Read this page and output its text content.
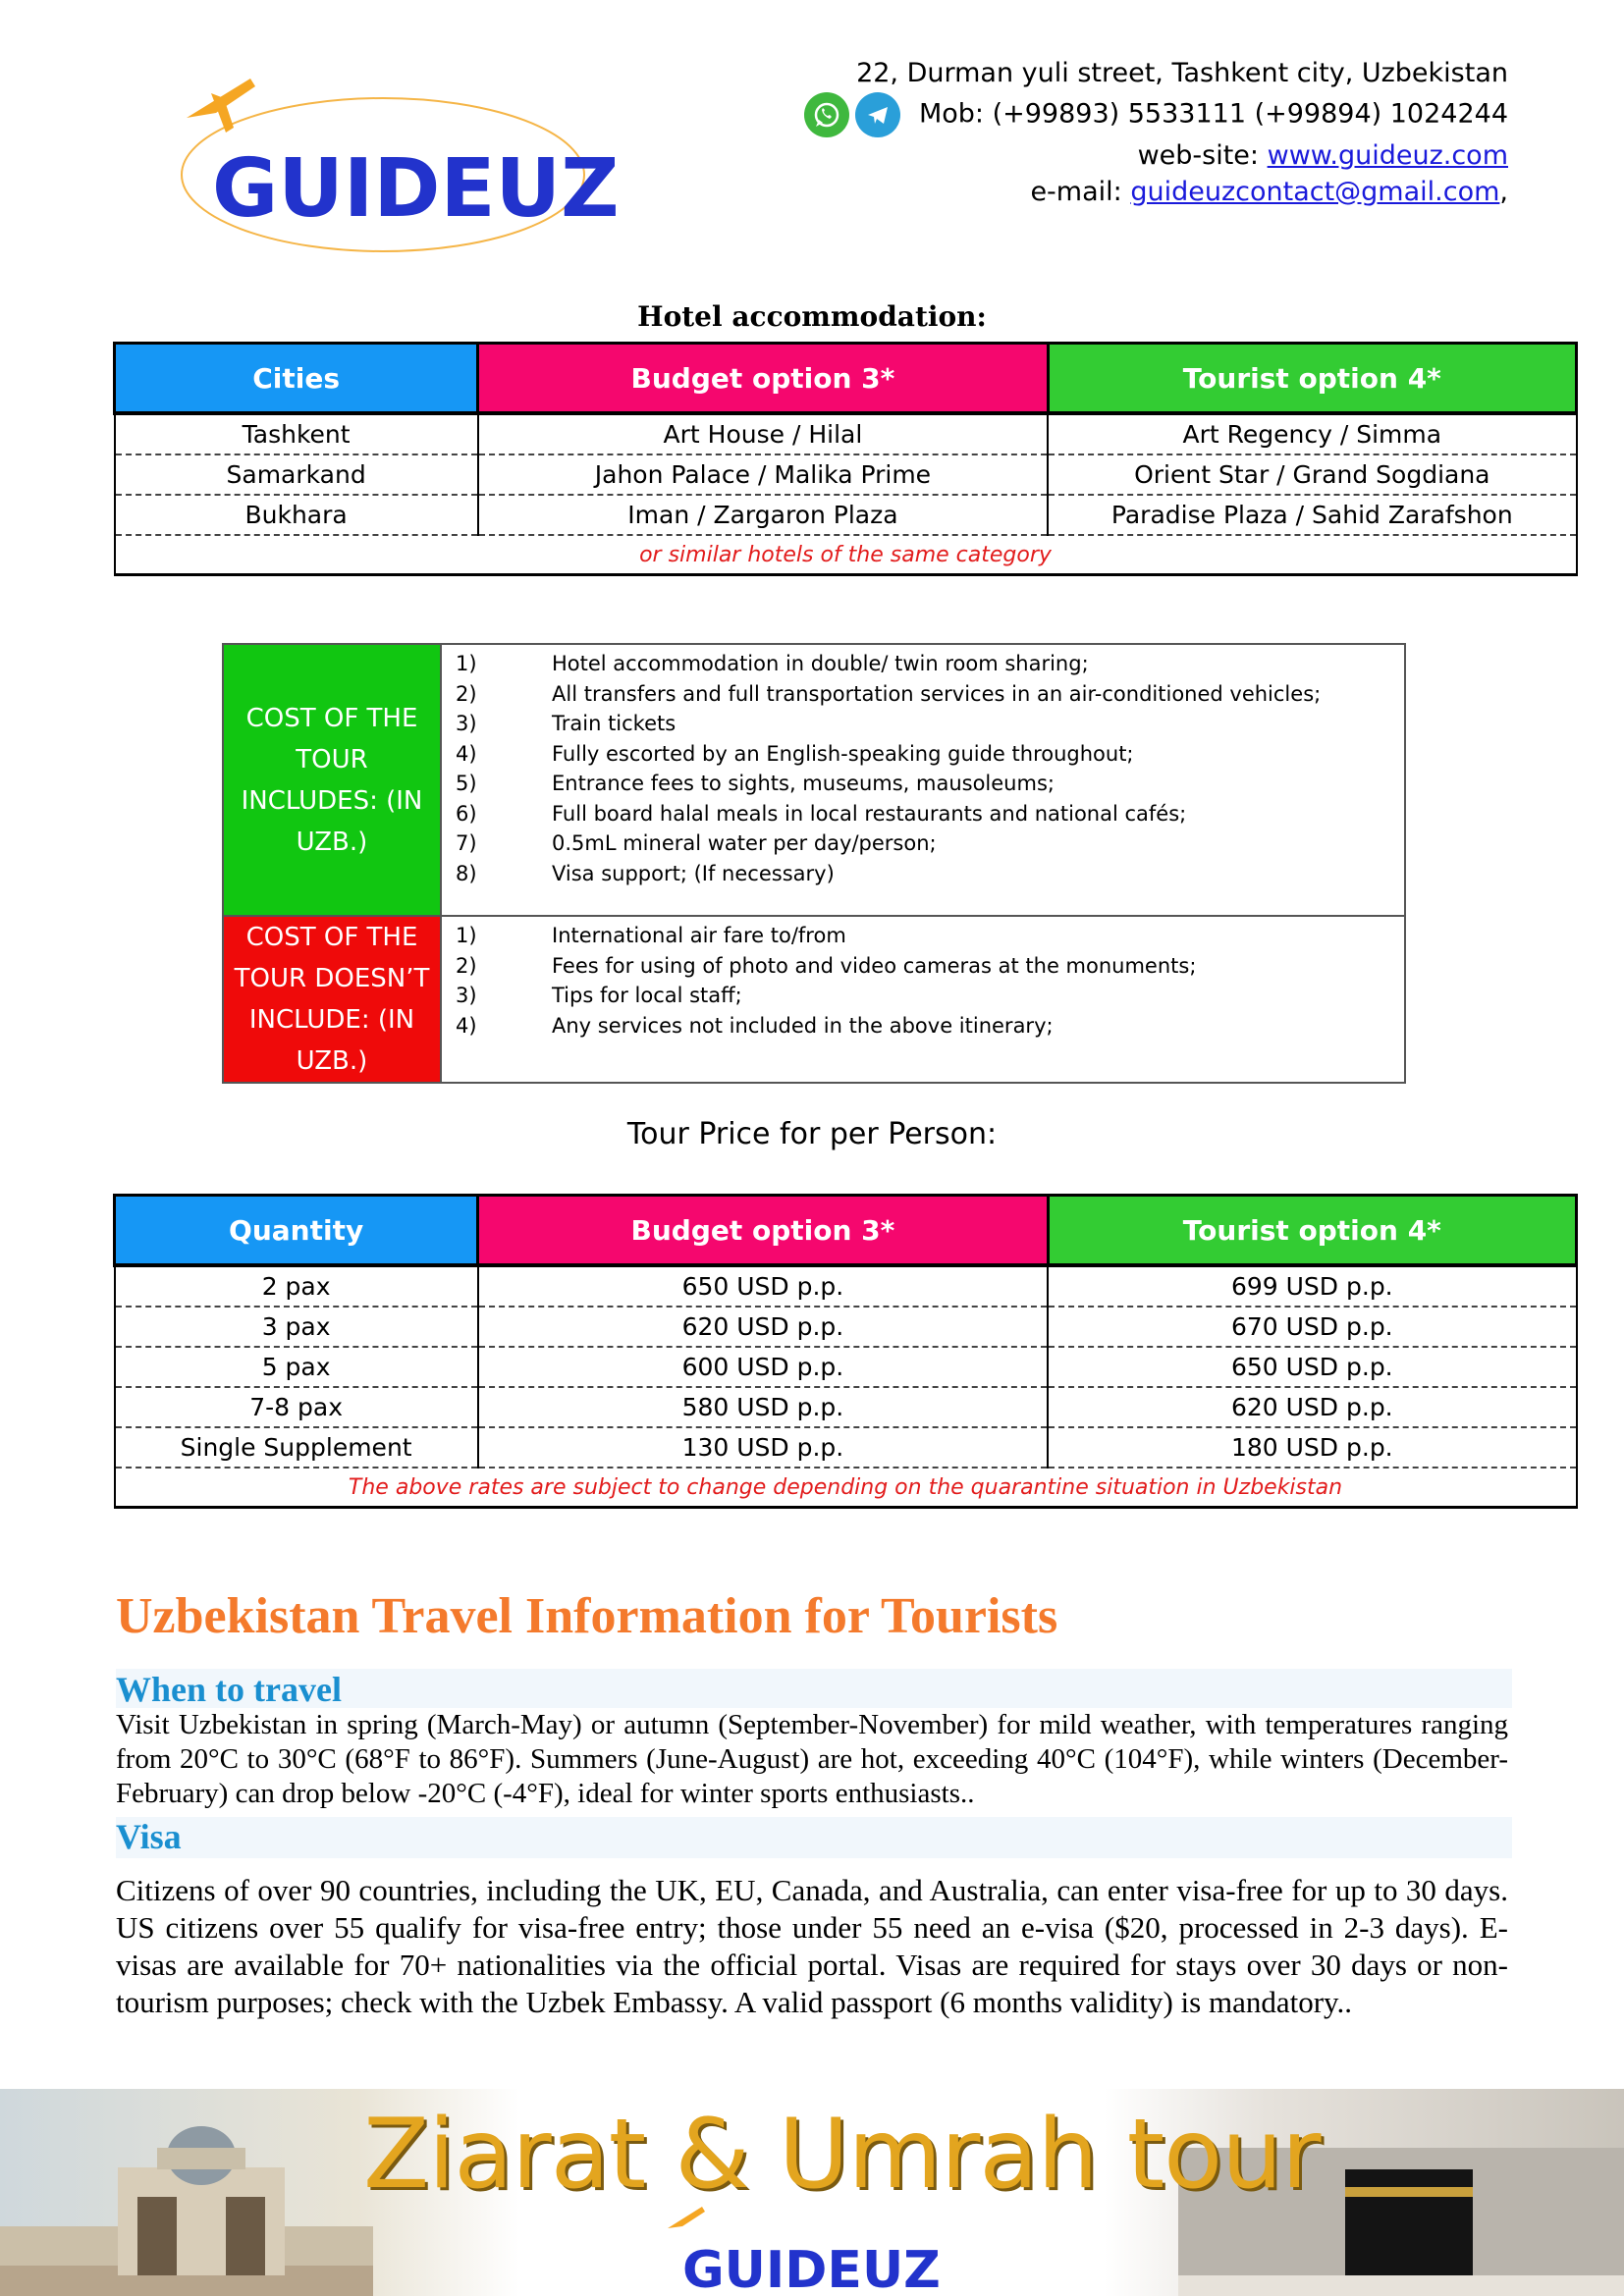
GUIDEUZ
22, Durman yuli street, Tashkent city, Uzbekistan
Mob: (+99893) 5533111 (+99894) 1024244
web-site: www.guideuz.com
e-mail: guideuzcontact@gmail.com,
Hotel accommodation:
Cities	Budget option 3*	Tourist option 4*
Tashkent	Art House / Hilal	Art Regency / Simma
Samarkand	Jahon Palace / Malika Prime	Orient Star / Grand Sogdiana
Bukhara	Iman / Zargaron Plaza	Paradise Plaza / Sahid Zarafshon
or similar hotels of the same category		
COST OF THE TOUR INCLUDES: (IN UZB.)
1)	Hotel accommodation in double/ twin room sharing;
2)	All transfers and full transportation services in an air-conditioned vehicles;
3)	Train tickets
4)	Fully escorted by an English-speaking guide throughout;
5)	Entrance fees to sights, museums, mausoleums;
6)	Full board halal meals in local restaurants and national cafés;
7)	0.5mL mineral water per day/person;
8)	Visa support; (If necessary)
COST OF THE TOUR DOESN’T INCLUDE: (IN UZB.)
1)	International air fare to/from
2)	Fees for using of photo and video cameras at the monuments;
3)	Tips for local staff;
4)	Any services not included in the above itinerary;
Tour Price for per Person:
Quantity	Budget option 3*	Tourist option 4*
2 pax	650 USD p.p.	699 USD p.p.
3 pax	620 USD p.p.	670 USD p.p.
5 pax	600 USD p.p.	650 USD p.p.
7-8 pax	580 USD p.p.	620 USD p.p.
Single Supplement	130 USD p.p.	180 USD p.p.
The above rates are subject to change depending on the quarantine situation in Uzbekistan		
Uzbekistan Travel Information for Tourists
When to travel
Visit Uzbekistan in spring (March-May) or autumn (September-November) for mild weather, with temperatures ranging from 20°C to 30°C (68°F to 86°F). Summers (June-August) are hot, exceeding 40°C (104°F), while winters (December-February) can drop below -20°C (-4°F), ideal for winter sports enthusiasts..
Visa
Citizens of over 90 countries, including the UK, EU, Canada, and Australia, can enter visa-free for up to 30 days. US citizens over 55 qualify for visa-free entry; those under 55 need an e-visa ($20, processed in 2-3 days). E-visas are available for 70+ nationalities via the official portal. Visas are required for stays over 30 days or non-tourism purposes; check with the Uzbek Embassy. A valid passport (6 months validity) is mandatory..
Ziarat & Umrah tour
GUIDEUZ
